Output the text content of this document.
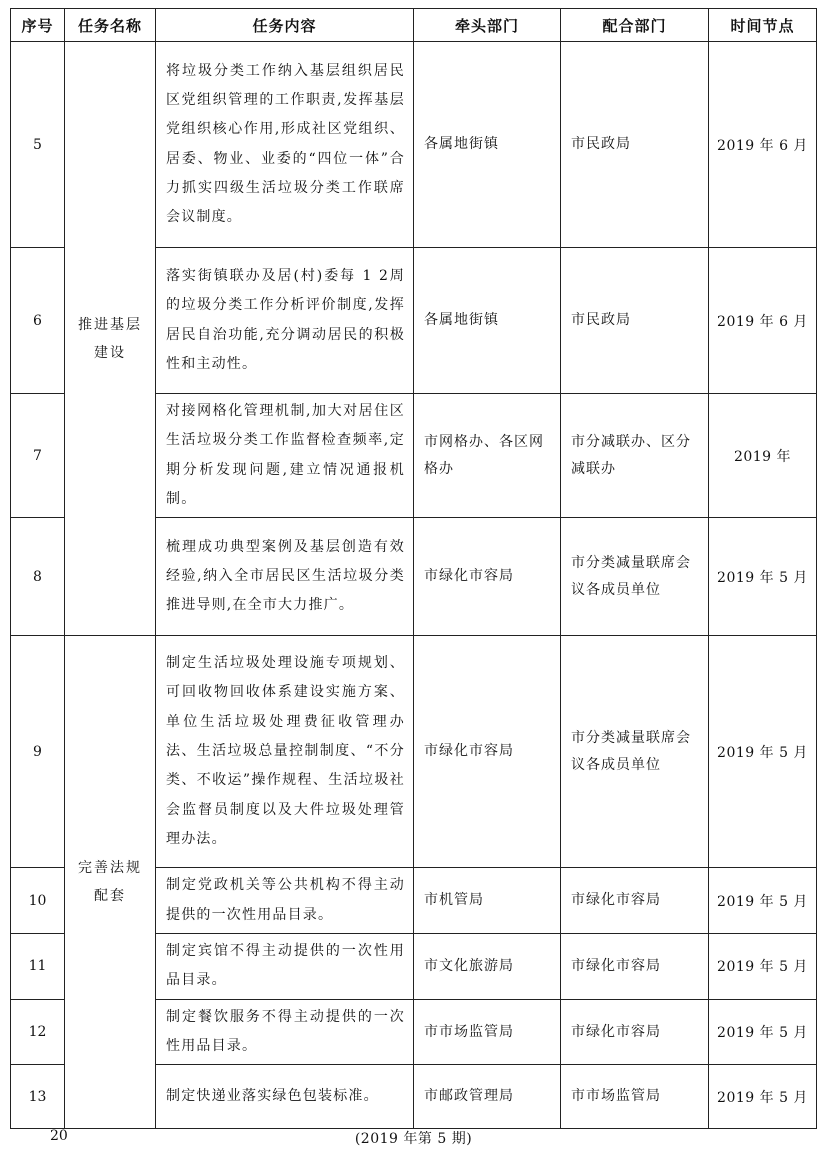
序号	任务名称	任务内容	牵头部门	配合部门	时间节点
5	推进基层建设	将垃圾分类工作纳入基层组织居民区党组织管理的工作职责,发挥基层党组织核心作用,形成社区党组织、居委、物业、业委的“四位一体”合力抓实四级生活垃圾分类工作联席会议制度。	各属地街镇	市民政局	2019 年 6 月
6		落实街镇联办及居(村)委每 1 2周的垃圾分类工作分析评价制度,发挥居民自治功能,充分调动居民的积极性和主动性。	各属地街镇	市民政局	2019 年 6 月
7		对接网格化管理机制,加大对居住区生活垃圾分类工作监督检查频率,定期分析发现问题,建立情况通报机制。	市网格办、各区网格办	市分减联办、区分减联办	2019 年
8		梳理成功典型案例及基层创造有效经验,纳入全市居民区生活垃圾分类推进导则,在全市大力推广。	市绿化市容局	市分类减量联席会议各成员单位	2019 年 5 月
9	完善法规配套	制定生活垃圾处理设施专项规划、可回收物回收体系建设实施方案、单位生活垃圾处理费征收管理办法、生活垃圾总量控制制度、“不分类、不收运”操作规程、生活垃圾社会监督员制度以及大件垃圾处理管理办法。	市绿化市容局	市分类减量联席会议各成员单位	2019 年 5 月
10		制定党政机关等公共机构不得主动提供的一次性用品目录。	市机管局	市绿化市容局	2019 年 5 月
11		制定宾馆不得主动提供的一次性用品目录。	市文化旅游局	市绿化市容局	2019 年 5 月
12		制定餐饮服务不得主动提供的一次性用品目录。	市市场监管局	市绿化市容局	2019 年 5 月
13		制定快递业落实绿色包装标准。	市邮政管理局	市市场监管局	2019 年 5 月
20	(2019 年第 5 期)
